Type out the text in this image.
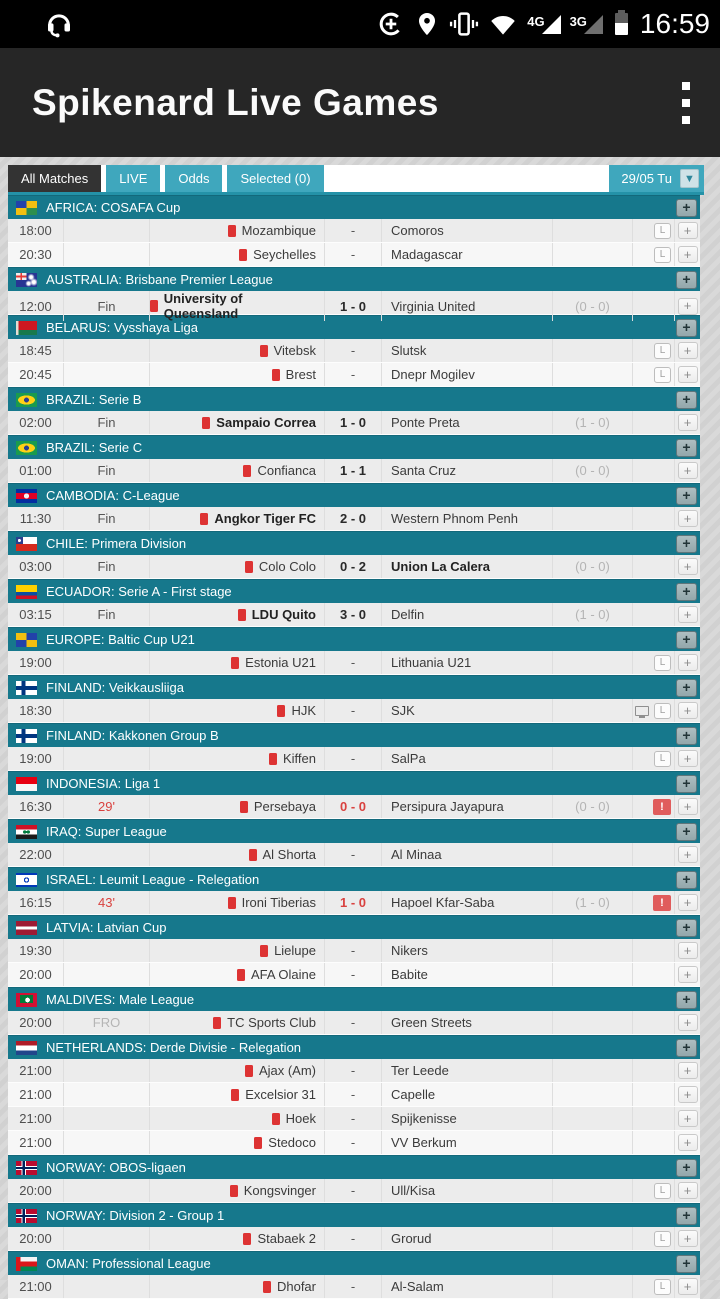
4G 3G 16:59
Spikenard Live Games
All Matches	LIVE	Odds	Selected (0)	29/05 Tu	▼
AFRICA: COSAFA Cup	+
18:00	Mozambique	-	Comoros	L	+
20:30	Seychelles	-	Madagascar	L	+
AUSTRALIA: Brisbane Premier League	+
12:00	Fin	University of Queensland	1 - 0	Virginia United	(0 - 0)	+
BELARUS: Vysshaya Liga	+
18:45	Vitebsk	-	Slutsk	L	+
20:45	Brest	-	Dnepr Mogilev	L	+
BRAZIL: Serie B	+
02:00	Fin	Sampaio Correa	1 - 0	Ponte Preta	(1 - 0)	+
BRAZIL: Serie C	+
01:00	Fin	Confianca	1 - 1	Santa Cruz	(0 - 0)	+
CAMBODIA: C-League	+
11:30	Fin	Angkor Tiger FC	2 - 0	Western Phnom Penh	+
CHILE: Primera Division	+
03:00	Fin	Colo Colo	0 - 2	Union La Calera	(0 - 0)	+
ECUADOR: Serie A - First stage	+
03:15	Fin	LDU Quito	3 - 0	Delfin	(1 - 0)	+
EUROPE: Baltic Cup U21	+
19:00	Estonia U21	-	Lithuania U21	L	+
FINLAND: Veikkausliiga	+
18:30	HJK	-	SJK	L	+
FINLAND: Kakkonen Group B	+
19:00	Kiffen	-	SalPa	L	+
INDONESIA: Liga 1	+
16:30	29'	Persebaya	0 - 0	Persipura Jayapura	(0 - 0)	!	+
IRAQ: Super League	+
22:00	Al Shorta	-	Al Minaa	+
ISRAEL: Leumit League - Relegation	+
16:15	43'	Ironi Tiberias	1 - 0	Hapoel Kfar-Saba	(1 - 0)	!	+
LATVIA: Latvian Cup	+
19:30	Lielupe	-	Nikers	+
20:00	AFA Olaine	-	Babite	+
MALDIVES: Male League	+
20:00	FRO	TC Sports Club	-	Green Streets	+
NETHERLANDS: Derde Divisie - Relegation	+
21:00	Ajax (Am)	-	Ter Leede	+
21:00	Excelsior 31	-	Capelle	+
21:00	Hoek	-	Spijkenisse	+
21:00	Stedoco	-	VV Berkum	+
NORWAY: OBOS-ligaen	+
20:00	Kongsvinger	-	Ull/Kisa	L	+
NORWAY: Division 2 - Group 1	+
20:00	Stabaek 2	-	Grorud	L	+
OMAN: Professional League	+
21:00	Dhofar	-	Al-Salam	L	+
